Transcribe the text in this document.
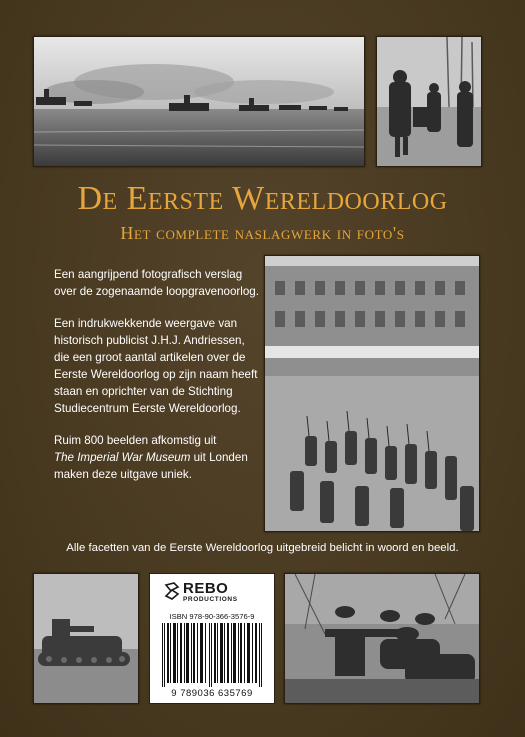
De Eerste Wereldoorlog
Het complete naslagwerk in foto's

Een aangrijpend fotografisch verslag over de zogenaamde loopgravenoorlog.

Een indrukwekkende weergave van historisch publicist J.H.J. Andriessen, die een groot aantal artikelen over de Eerste Wereldoorlog op zijn naam heeft staan en oprichter van de Stichting Studiecentrum Eerste Wereldoorlog.

Ruim 800 beelden afkomstig uit
The Imperial War Museum uit Londen maken deze uitgave uniek.

Alle facetten van de Eerste Wereldoorlog uitgebreid belicht in woord en beeld.
REBO
PRODUCTIONS
ISBN 978-90-366-3576-9
9 789036 635769
